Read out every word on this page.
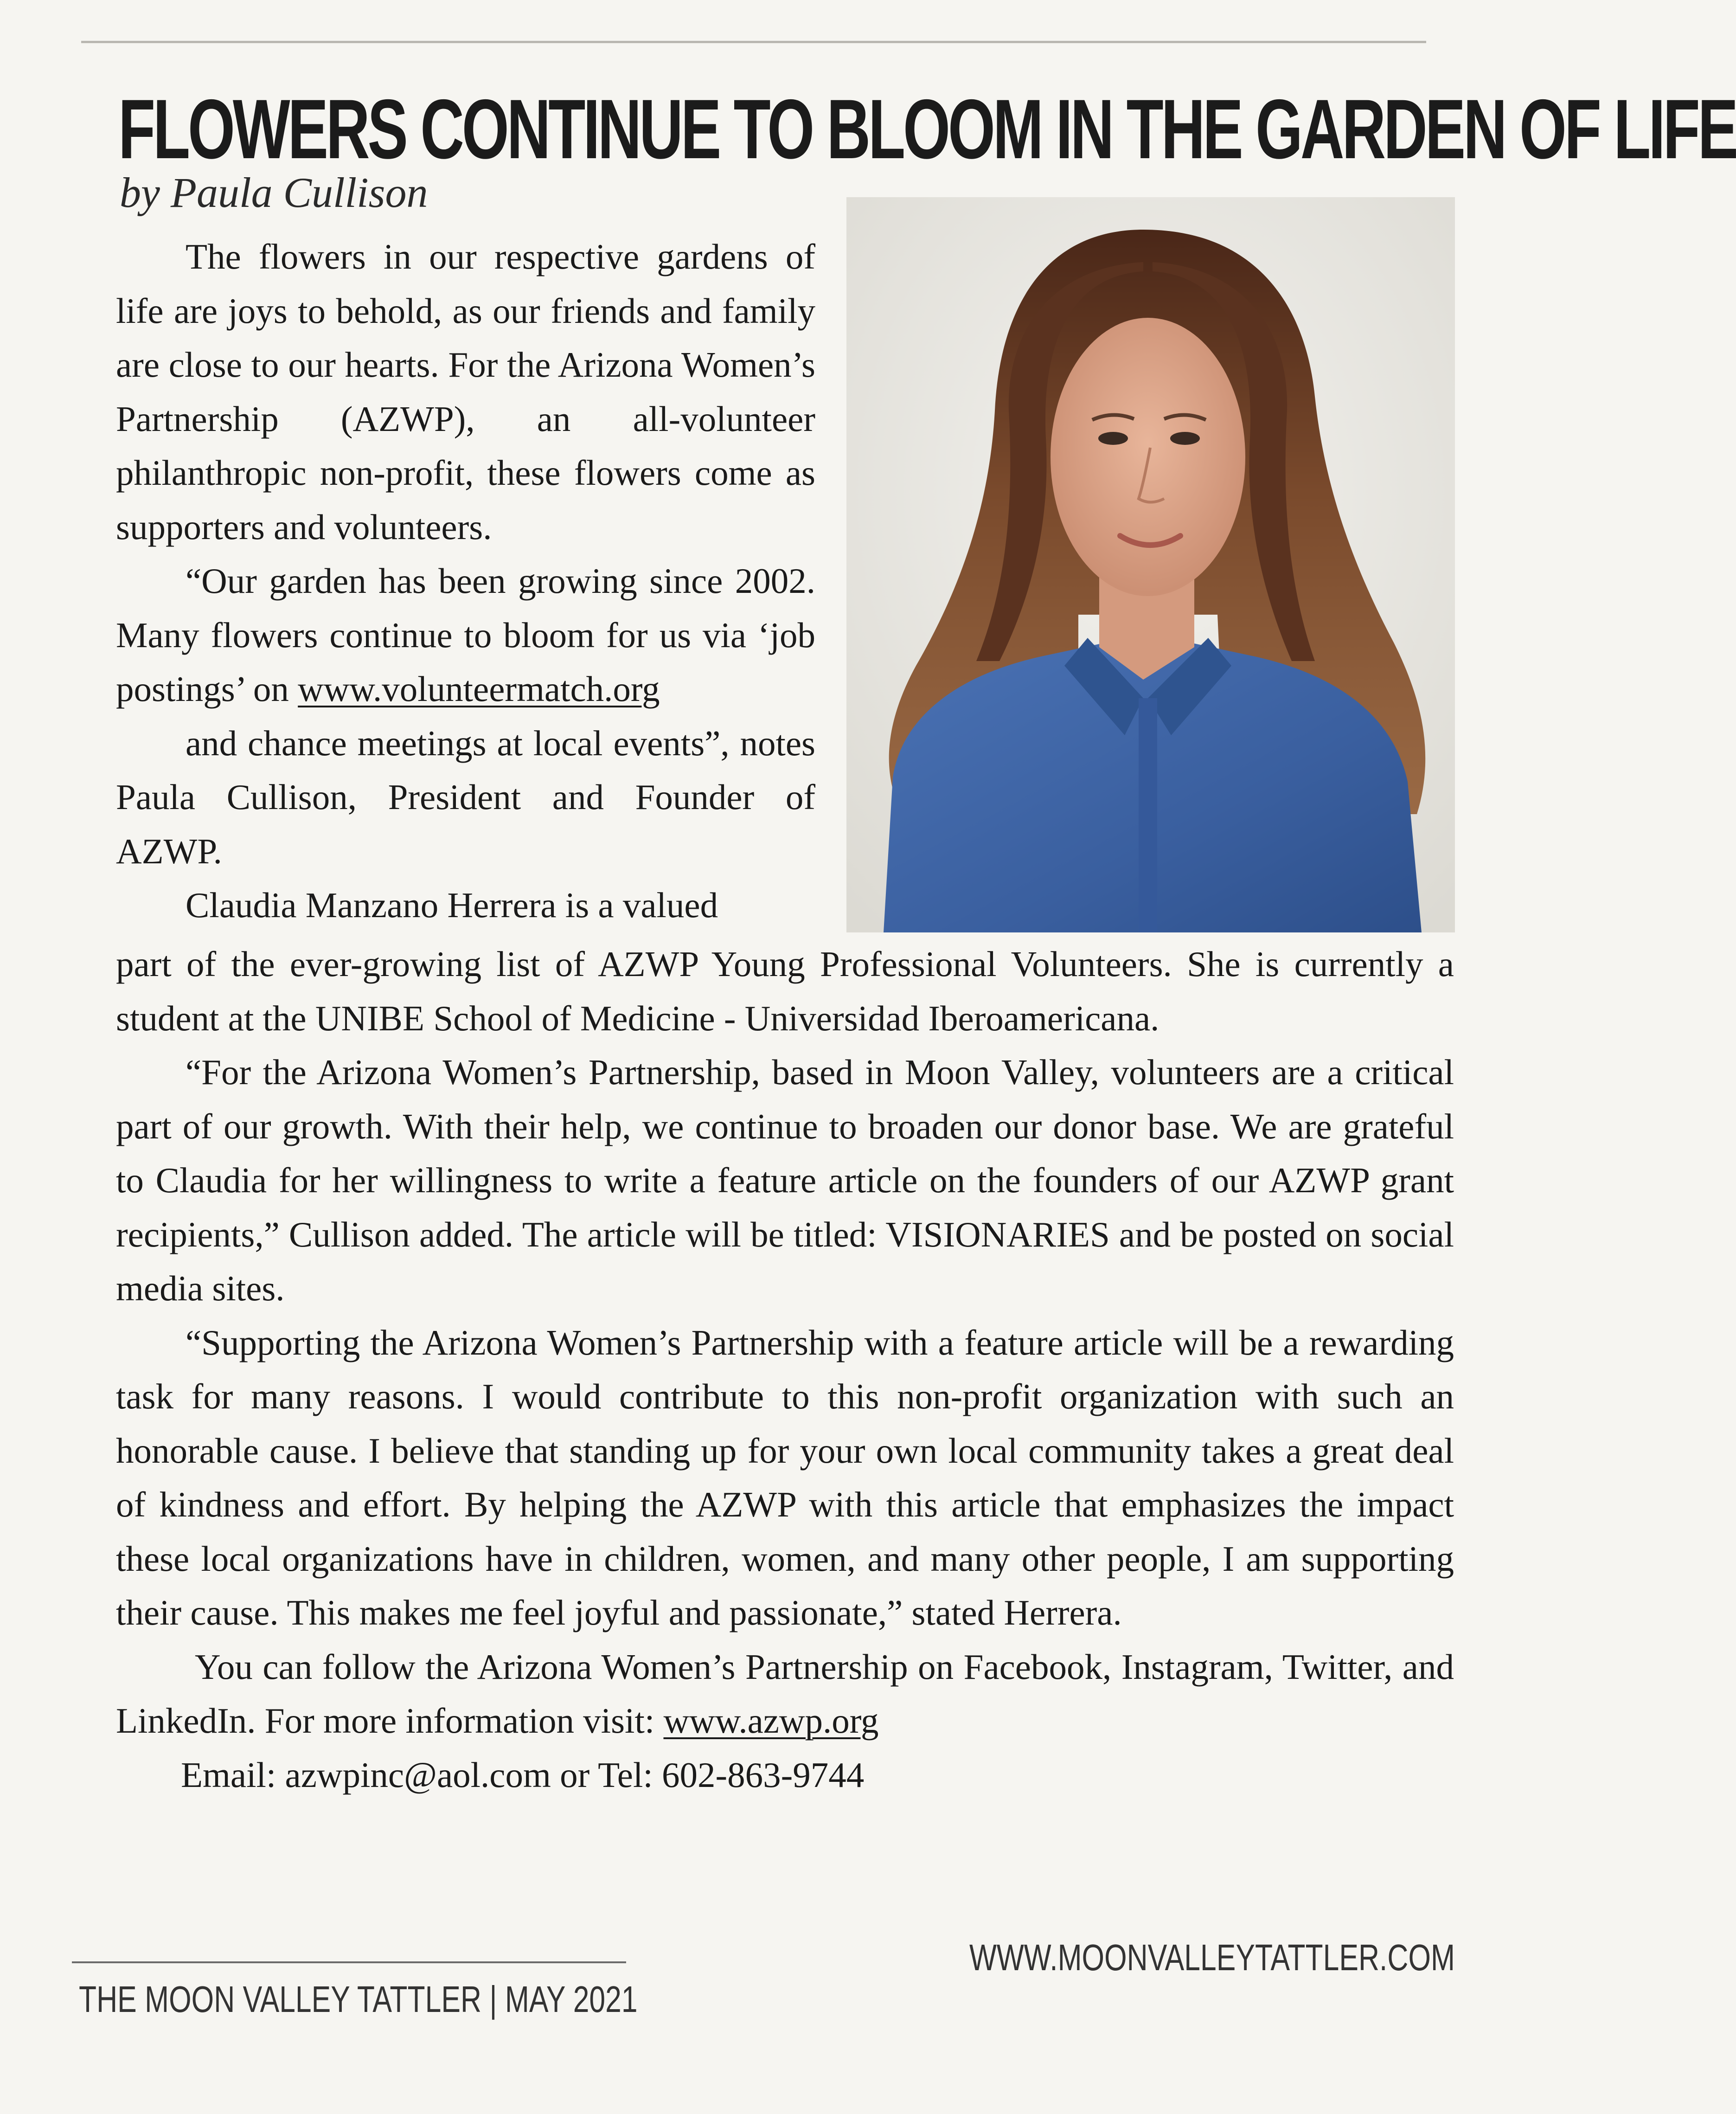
FLOWERS CONTINUE TO BLOOM IN THE GARDEN OF LIFE
by Paula Cullison

The flowers in our respective gardens of life are joys to behold, as our friends and family are close to our hearts. For the Arizona Women’s Partnership (AZWP), an all-volunteer philanthropic non-profit, these flowers come as supporters and volunteers.

“Our garden has been growing since 2002. Many flowers continue to bloom for us via ‘job postings’ on www.volunteermatch.org

and chance meetings at local events”, notes Paula Cullison, President and Founder of AZWP.

Claudia Manzano Herrera is a valued

part of the ever-growing list of AZWP Young Professional Volunteers. She is currently a student at the UNIBE School of Medicine - Universidad Iberoamericana.

“For the Arizona Women’s Partnership, based in Moon Valley, volunteers are a critical part of our growth. With their help, we continue to broaden our donor base. We are grateful to Claudia for her willingness to write a feature article on the founders of our AZWP grant recipients,” Cullison added. The article will be titled: VISIONARIES and be posted on social media sites.

“Supporting the Arizona Women’s Partnership with a feature article will be a rewarding task for many reasons. I would contribute to this non-profit organization with such an honorable cause. I believe that standing up for your own local community takes a great deal of kindness and effort. By helping the AZWP with this article that emphasizes the impact these local organizations have in children, women, and many other people, I am supporting their cause. This makes me feel joyful and passionate,” stated Herrera.

You can follow the Arizona Women’s Partnership on Facebook, Instagram, Twitter, and LinkedIn. For more information visit: www.azwp.org

Email: azwpinc@aol.com or Tel: 602-863-9744

THE MOON VALLEY TATTLER | MAY 2021
WWW.MOONVALLEYTATTLER.COM
